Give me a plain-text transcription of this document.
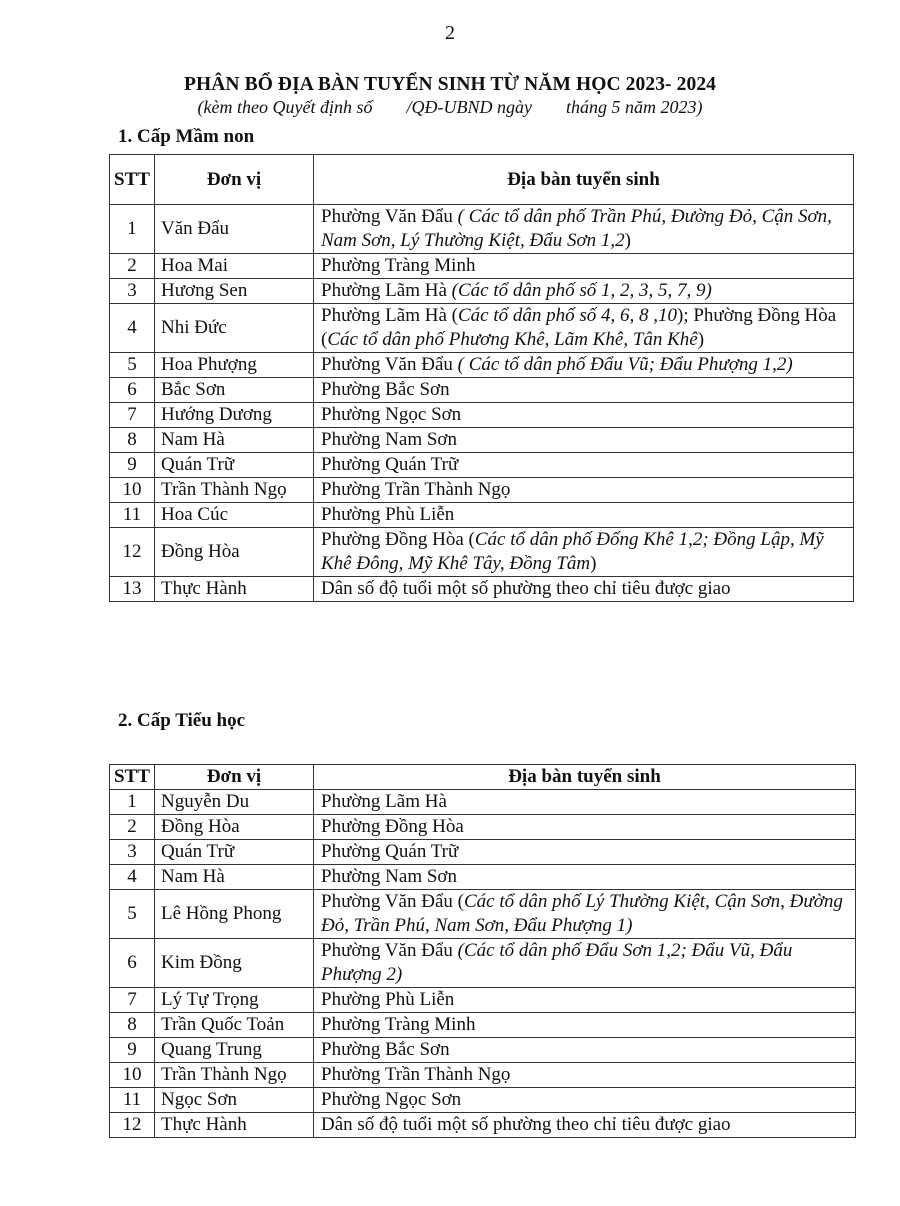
2
PHÂN BỔ ĐỊA BÀN TUYỂN SINH TỪ NĂM HỌC 2023- 2024
(kèm theo Quyết định số /QĐ-UBND ngày tháng 5 năm 2023)
1. Cấp Mầm non
STT	Đơn vị	Địa bàn tuyển sinh
1	Văn Đẩu	Phường Văn Đẩu ( Các tổ dân phố Trần Phú, Đường Đỏ, Cận Sơn, Nam Sơn, Lý Thường Kiệt, Đẩu Sơn 1,2)
2	Hoa Mai	Phường Tràng Minh
3	Hương Sen	Phường Lãm Hà (Các tổ dân phố số 1, 2, 3, 5, 7, 9)
4	Nhi Đức	Phường Lãm Hà (Các tổ dân phố số 4, 6, 8 ,10); Phường Đồng Hòa (Các tổ dân phố Phương Khê, Lãm Khê, Tân Khê)
5	Hoa Phượng	Phường Văn Đẩu ( Các tổ dân phố Đẩu Vũ; Đẩu Phượng 1,2)
6	Bắc Sơn	Phường Bắc Sơn
7	Hướng Dương	Phường Ngọc Sơn
8	Nam Hà	Phường Nam Sơn
9	Quán Trữ	Phường Quán Trữ
10	Trần Thành Ngọ	Phường Trần Thành Ngọ
11	Hoa Cúc	Phường Phù Liễn
12	Đồng Hòa	Phường Đồng Hòa (Các tổ dân phố Đống Khê 1,2; Đồng Lập, Mỹ Khê Đông, Mỹ Khê Tây, Đồng Tâm)
13	Thực Hành	Dân số độ tuổi một số phường theo chỉ tiêu được giao
2. Cấp Tiểu học
STT	Đơn vị	Địa bàn tuyển sinh
1	Nguyễn Du	Phường Lãm Hà
2	Đồng Hòa	Phường Đồng Hòa
3	Quán Trữ	Phường Quán Trữ
4	Nam Hà	Phường Nam Sơn
5	Lê Hồng Phong	Phường Văn Đẩu (Các tổ dân phố Lý Thường Kiệt, Cận Sơn, Đường Đỏ, Trần Phú, Nam Sơn, Đẩu Phượng 1)
6	Kim Đồng	Phường Văn Đẩu (Các tổ dân phố Đẩu Sơn 1,2; Đẩu Vũ, Đẩu Phượng 2)
7	Lý Tự Trọng	Phường Phù Liễn
8	Trần Quốc Toản	Phường Tràng Minh
9	Quang Trung	Phường Bắc Sơn
10	Trần Thành Ngọ	Phường Trần Thành Ngọ
11	Ngọc Sơn	Phường Ngọc Sơn
12	Thực Hành	Dân số độ tuổi một số phường theo chỉ tiêu được giao
